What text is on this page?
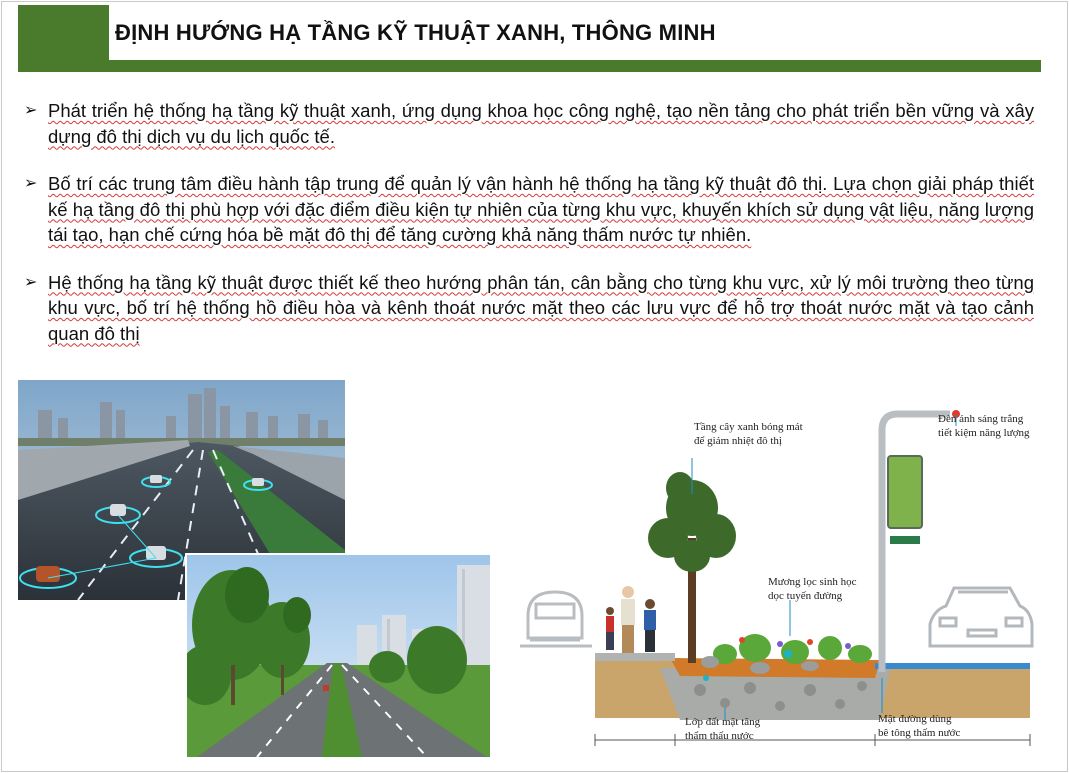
ĐỊNH HƯỚNG HẠ TẦNG KỸ THUẬT XANH, THÔNG MINH
➢ Phát triển hệ thống hạ tầng kỹ thuật xanh, ứng dụng khoa học công nghệ, tạo nền tảng cho phát triển bền vững và xây dựng đô thị dịch vụ du lịch quốc tế.
➢ Bố trí các trung tâm điều hành tập trung để quản lý vận hành hệ thống hạ tầng kỹ thuật đô thị. Lựa chọn giải pháp thiết kế hạ tầng đô thị phù hợp với đặc điểm điều kiện tự nhiên của từng khu vực, khuyến khích sử dụng vật liệu, năng lượng tái tạo, hạn chế cứng hóa bề mặt đô thị để tăng cường khả năng thấm nước tự nhiên.
➢ Hệ thống hạ tầng kỹ thuật được thiết kế theo hướng phân tán, cân bằng cho từng khu vực, xử lý môi trường theo từng khu vực, bố trí hệ thống hồ điều hòa và kênh thoát nước mặt theo các lưu vực để hỗ trợ thoát nước mặt và tạo cảnh quan đô thị
Tầng cây xanh bóng mát
để giảm nhiệt đô thị
Đèn ánh sáng trắng
tiết kiệm năng lượng
Mương lọc sinh học
dọc tuyến đường
Lớp đất mặt tăng
thẩm thấu nước
Mặt đường dùng
bê tông thấm nước
